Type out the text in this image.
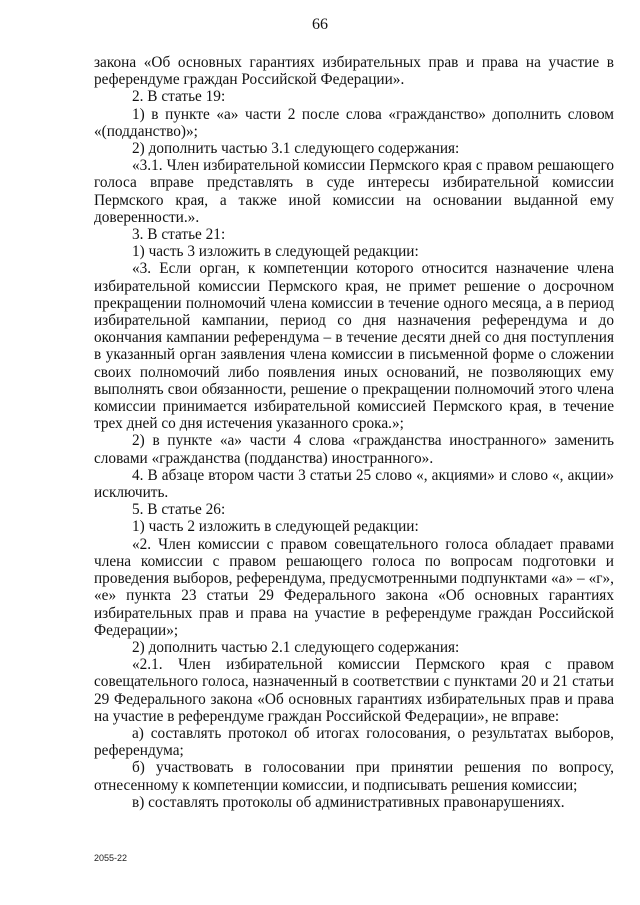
66

закона «Об основных гарантиях избирательных прав и права на участие в референдуме граждан Российской Федерации».

2. В статье 19:

1) в пункте «а» части 2 после слова «гражданство» дополнить словом «(подданство)»;

2) дополнить частью 3.1 следующего содержания:

«3.1. Член избирательной комиссии Пермского края с правом решающего голоса вправе представлять в суде интересы избирательной комиссии Пермского края, а также иной комиссии на основании выданной ему доверенности.».

3. В статье 21:

1) часть 3 изложить в следующей редакции:

«3. Если орган, к компетенции которого относится назначение члена избирательной комиссии Пермского края, не примет решение о досрочном прекращении полномочий члена комиссии в течение одного месяца, а в период избирательной кампании, период со дня назначения референдума и до окончания кампании референдума – в течение десяти дней со дня поступления в указанный орган заявления члена комиссии в письменной форме о сложении своих полномочий либо появления иных оснований, не позволяющих ему выполнять свои обязанности, решение о прекращении полномочий этого члена комиссии принимается избирательной комиссией Пермского края, в течение трех дней со дня истечения указанного срока.»;

2) в пункте «а» части 4 слова «гражданства иностранного» заменить словами «гражданства (подданства) иностранного».

4. В абзаце втором части 3 статьи 25 слово «, акциями» и слово «, акции» исключить.

5. В статье 26:

1) часть 2 изложить в следующей редакции:

«2. Член комиссии с правом совещательного голоса обладает правами члена комиссии с правом решающего голоса по вопросам подготовки и проведения выборов, референдума, предусмотренными подпунктами «а» – «г», «е» пункта 23 статьи 29 Федерального закона «Об основных гарантиях избирательных прав и права на участие в референдуме граждан Российской Федерации»;

2) дополнить частью 2.1 следующего содержания:

«2.1. Член избирательной комиссии Пермского края с правом совещательного голоса, назначенный в соответствии с пунктами 20 и 21 статьи 29 Федерального закона «Об основных гарантиях избирательных прав и права на участие в референдуме граждан Российской Федерации», не вправе:

а) составлять протокол об итогах голосования, о результатах выборов, референдума;

б) участвовать в голосовании при принятии решения по вопросу, отнесенному к компетенции комиссии, и подписывать решения комиссии;

в) составлять протоколы об административных правонарушениях.

2055-22
